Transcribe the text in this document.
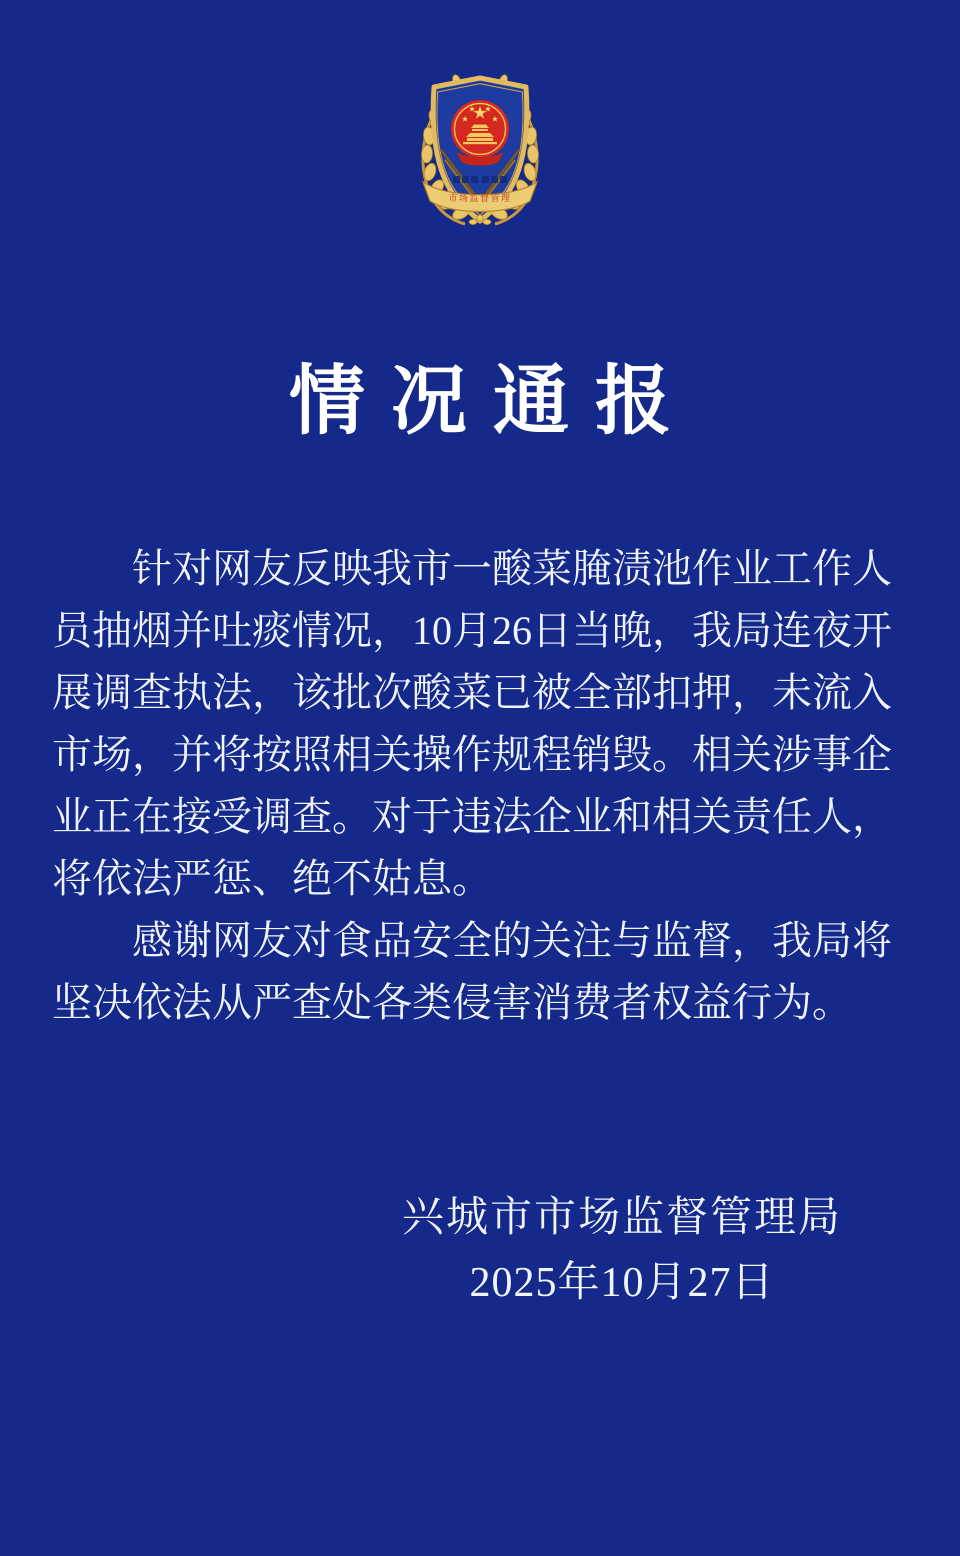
市场监督管理
情况通报
针对网友反映我市一酸菜腌渍池作业工作人
员抽烟并吐痰情况，10月26日当晚，我局连夜开
展调查执法，该批次酸菜已被全部扣押，未流入
市场，并将按照相关操作规程销毁。相关涉事企
业正在接受调查。对于违法企业和相关责任人，
将依法严惩、绝不姑息。
感谢网友对食品安全的关注与监督，我局将
坚决依法从严查处各类侵害消费者权益行为。
兴城市市场监督管理局
2025年10月27日
